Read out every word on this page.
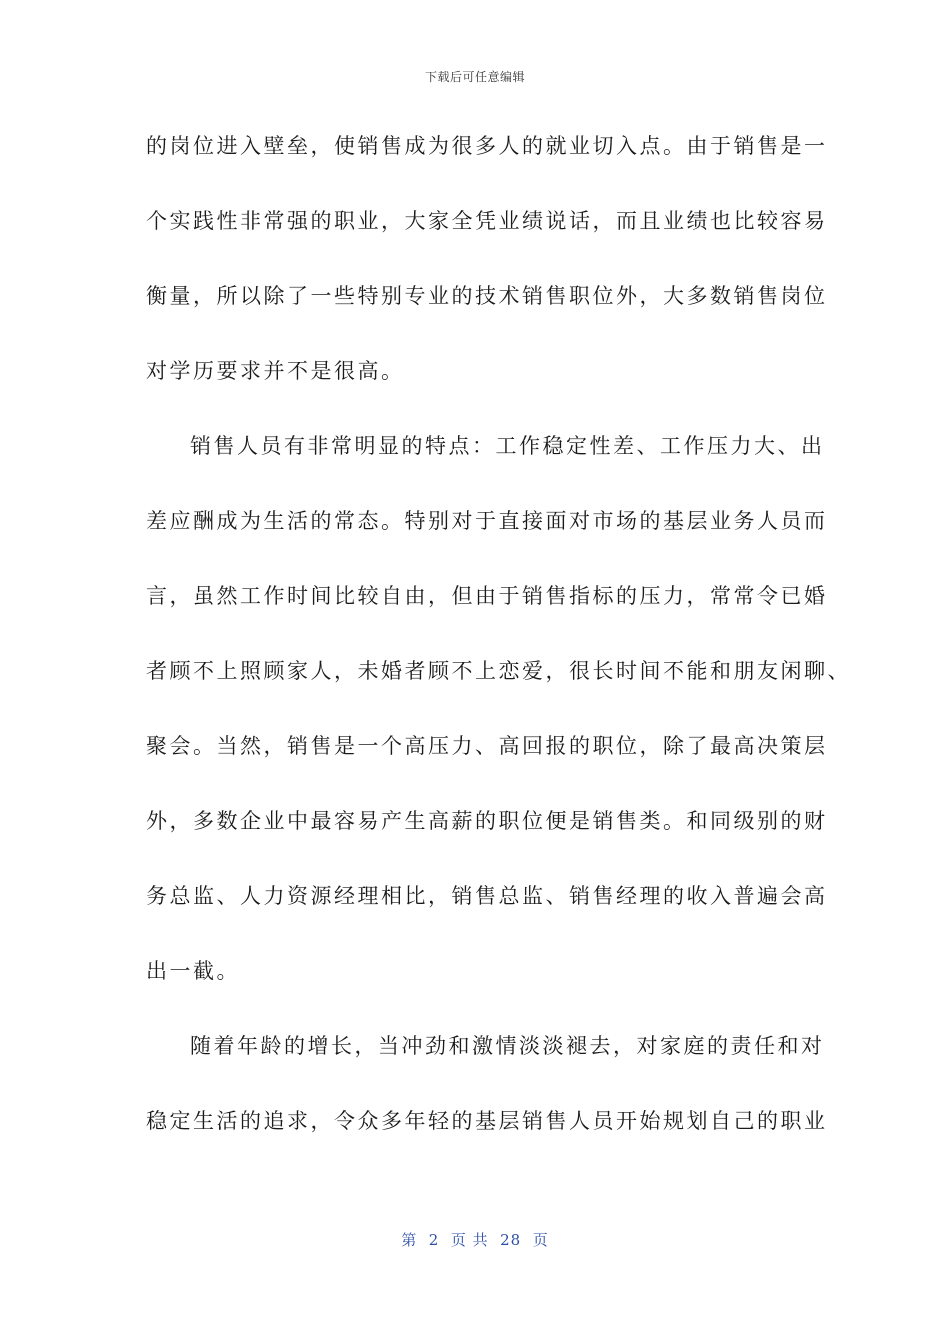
下载后可任意编辑
的岗位进入壁垒，使销售成为很多人的就业切入点。由于销售是一
个实践性非常强的职业，大家全凭业绩说话，而且业绩也比较容易
衡量，所以除了一些特别专业的技术销售职位外，大多数销售岗位
对学历要求并不是很高。
销售人员有非常明显的特点：工作稳定性差、工作压力大、出
差应酬成为生活的常态。特别对于直接面对市场的基层业务人员而
言，虽然工作时间比较自由，但由于销售指标的压力，常常令已婚
者顾不上照顾家人，未婚者顾不上恋爱，很长时间不能和朋友闲聊、
聚会。当然，销售是一个高压力、高回报的职位，除了最高决策层
外，多数企业中最容易产生高薪的职位便是销售类。和同级别的财
务总监、人力资源经理相比，销售总监、销售经理的收入普遍会高
出一截。
随着年龄的增长，当冲劲和激情淡淡褪去，对家庭的责任和对
稳定生活的追求，令众多年轻的基层销售人员开始规划自己的职业
第  2  页 共  28  页
